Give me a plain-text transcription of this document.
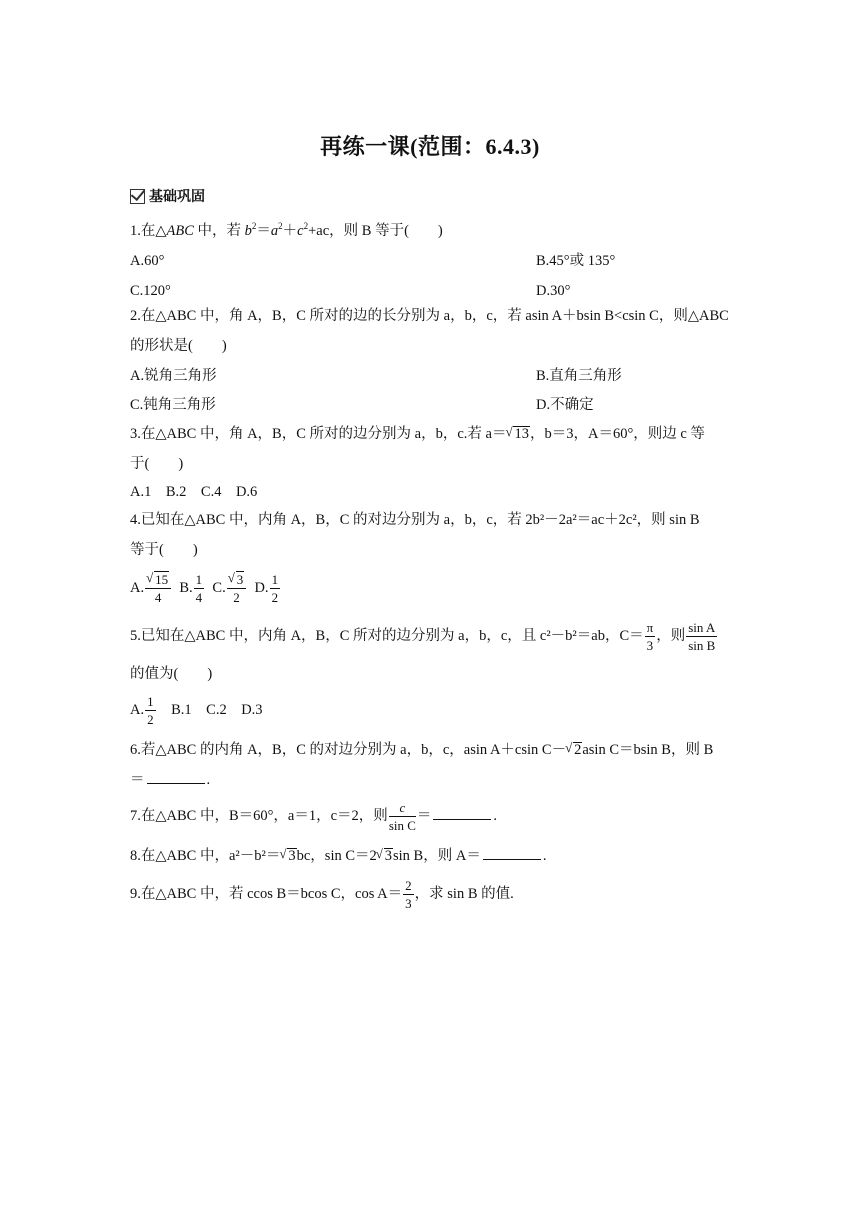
再练一课(范围：6.4.3)
基础巩固
1.在△ABC 中，若 $b^2=a^2+c^2+ac$，则 B 等于(　　)
A.60°	B.45°或 135°
C.120°	D.30°
2.在△ABC 中，角 A，B，C 所对的边的长分别为 a，b，c，若 asin A＋bsin B<csin C，则△ABC
的形状是(　　)
A.锐角三角形	B.直角三角形
C.钝角三角形	D.不确定
3.在△ABC 中，角 A，B，C 所对的边分别为 a，b，c.若 a＝ √ 13，b＝3，A＝60°，则边 c 等
于(　　)
A.1　B.2　C.4　D.6
4.已知在△ABC 中，内角 A，B，C 的对边分别为 a，b，c，若 2b²－2a²＝ac＋2c²，则 sin B
等于(　　)
A. √ $\frac{15}{4} B$. $\frac{1}{4} C$. √ $\frac{3}{2} D$. $\frac{1}{2}$
5.已知在△ABC 中，内角 A，B，C 所对的边分别为 a，b，c，且 c²－b²＝ab，$C= \frac{\pi}{3}$ ，则 $\frac{\text{sin A}}{\text{sin B}}$
的值为(　　)
A. $\frac{1}{2}$ 　B.1　C.2　D.3
6.若△ABC 的内角 A，B，C 的对边分别为 a，b，c，asin A＋csin C－ √ 2asin C＝bsin B，则 B
＝	.
7.在△ABC 中，B＝60°，a＝1，c＝2，则 $\frac{c}{\text{sin C}}$ ＝	.
8.在△ABC 中，a²－b²＝ √ 3bc，sin C＝2 √ 3sin B，则 A＝	.
9.在△ABC 中，若 ccos B＝bcos C，$\cos A= \frac{2}{3}$ ，求 sin B 的值.
